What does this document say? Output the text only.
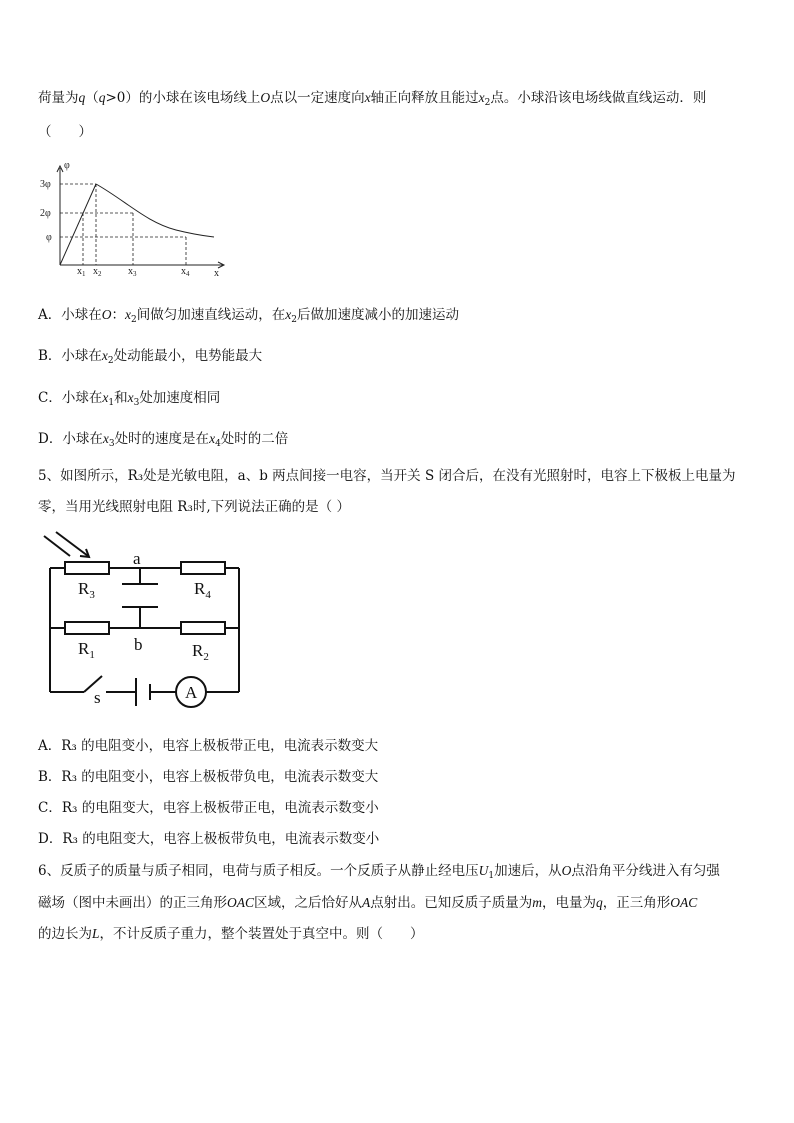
荷量为q（q>0）的小球在该电场线上O点以一定速度向x轴正向释放且能过$x_2$点。小球沿该电场线做直线运动．则
（　　）
φ
x
3φ
2φ
φ
$x_1$ $x_2$	$x_3$	$x_4$
A．小球在O：$x_2$间做匀加速直线运动，在$x_2$后做加速度减小的加速运动
B．小球在$x_2$处动能最小，电势能最大
C．小球在$x_1$和$x_3$处加速度相同
D．小球在$x_3$处时的速度是在$x_4$处时的二倍
5、如图所示，R₃处是光敏电阻，a、b 两点间接一电容，当开关 S 闭合后，在没有光照射时，电容上下极板上电量为
零，当用光线照射电阻 R₃时,下列说法正确的是（ ）
$R_3$	$R_4$
$R_1$	$R_2$
a
b
s	A
A．R₃ 的电阻变小，电容上极板带正电，电流表示数变大
B．R₃ 的电阻变小，电容上极板带负电，电流表示数变大
C．R₃ 的电阻变大，电容上极板带正电，电流表示数变小
D．R₃ 的电阻变大，电容上极板带负电，电流表示数变小
6、反质子的质量与质子相同，电荷与质子相反。一个反质子从静止经电压$U_1$加速后，从O点沿角平分线进入有匀强
磁场（图中未画出）的正三角形OAC区域，之后恰好从A点射出。已知反质子质量为m，电量为q，正三角形OAC
的边长为L，不计反质子重力，整个装置处于真空中。则（　　）
